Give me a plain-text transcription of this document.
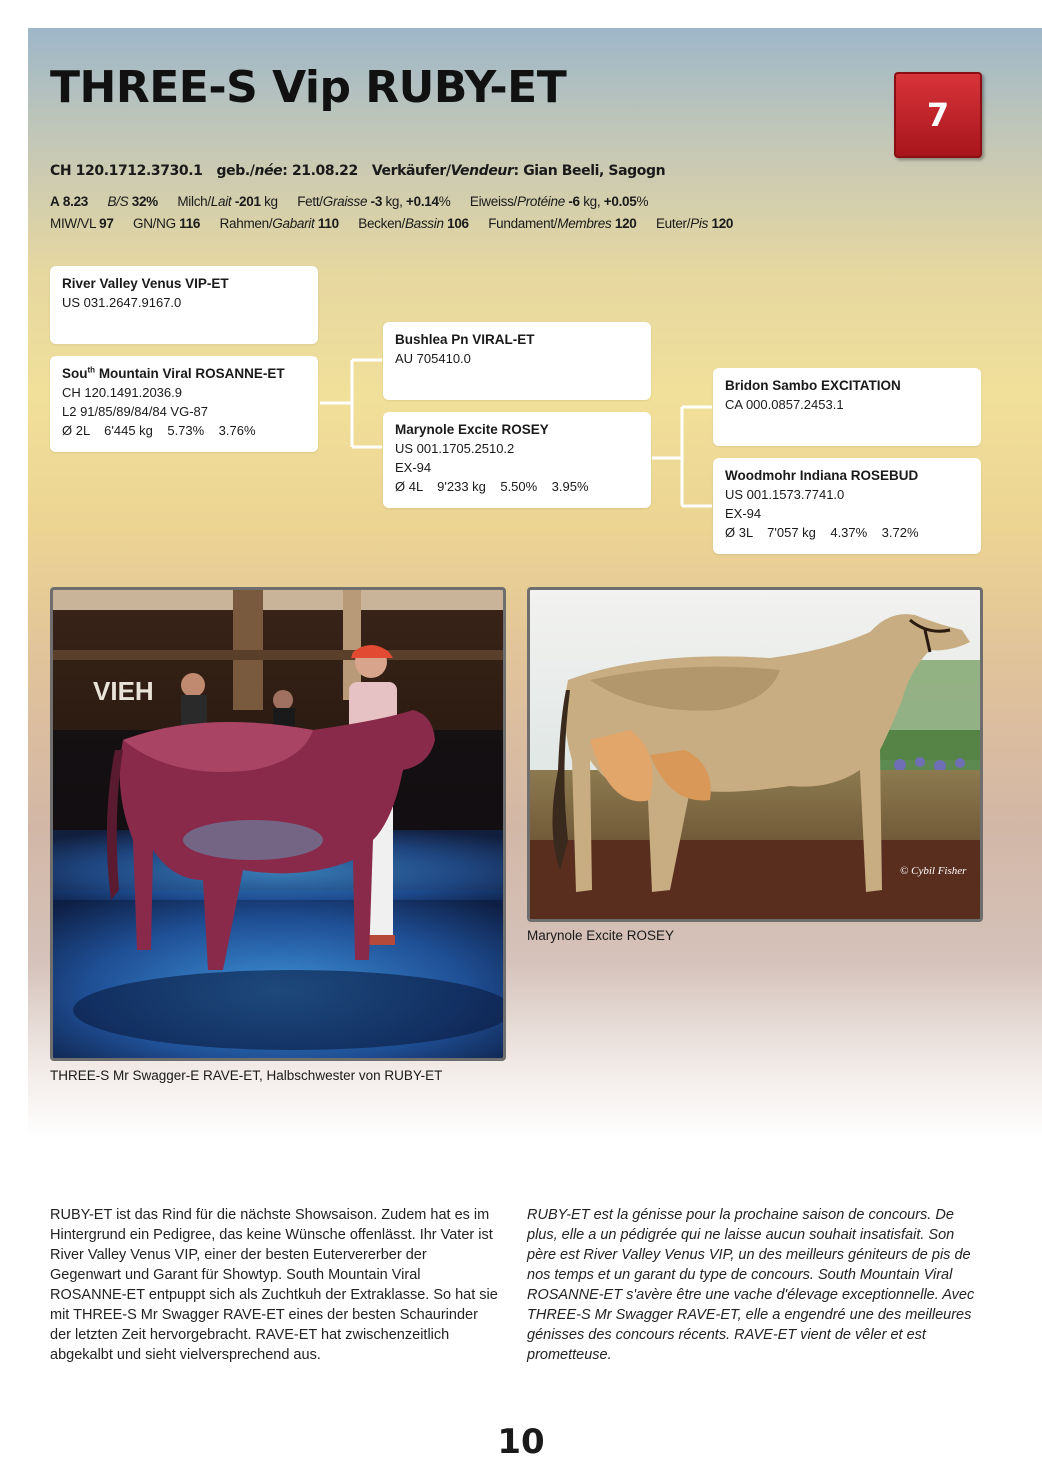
THREE-S Vip RUBY-ET
7
CH 120.1712.3730.1 geb./née: 21.08.22 Verkäufer/Vendeur: Gian Beeli, Sagogn
A 8.23 B/S 32% Milch/Lait -201 kg Fett/Graisse -3 kg, +0.14% Eiweiss/Protéine -6 kg, +0.05%
MIW/VL 97 GN/NG 116 Rahmen/Gabarit 110 Becken/Bassin 106 Fundament/Membres 120 Euter/Pis 120
River Valley Venus VIP-ET
US 031.2647.9167.0
Sou$^{th}$ Mountain Viral ROSANNE-ET
CH 120.1491.2036.9
L2 91/85/89/84/84 VG-87
Ø 2L    6'445 kg    5.73%    3.76%
Bushlea Pn VIRAL-ET
AU 705410.0
Marynole Excite ROSEY
US 001.1705.2510.2
EX-94
Ø 4L    9'233 kg    5.50%    3.95%
Bridon Sambo EXCITATION
CA 000.0857.2453.1
Woodmohr Indiana ROSEBUD
US 001.1573.7741.0
EX-94
Ø 3L    7'057 kg    4.37%    3.72%
VIEH
THREE-S Mr Swagger-E RAVE-ET, Halbschwester von RUBY-ET
© Cybil Fisher
Marynole Excite ROSEY

RUBY-ET ist das Rind für die nächste Showsaison. Zudem hat es im Hintergrund ein Pedigree, das keine Wünsche offenlässt. Ihr Vater ist River Valley Venus VIP, einer der besten Eutervererber der Gegenwart und Garant für Showtyp. South Mountain Viral ROSANNE-ET entpuppt sich als Zuchtkuh der Extraklasse. So hat sie mit THREE-S Mr Swagger RAVE-ET eines der besten Schaurinder der letzten Zeit hervorgebracht. RAVE-ET hat zwischenzeitlich abgekalbt und sieht vielversprechend aus.

RUBY-ET est la génisse pour la prochaine saison de concours. De plus, elle a un pédigrée qui ne laisse aucun souhait insatisfait. Son père est River Valley Venus VIP, un des meilleurs géniteurs de pis de nos temps et un garant du type de concours. South Mountain Viral ROSANNE-ET s'avère être une vache d'élevage exceptionnelle. Avec THREE-S Mr Swagger RAVE-ET, elle a engendré une des meilleures génisses des concours récents. RAVE-ET vient de vêler et est prometteuse.

10
